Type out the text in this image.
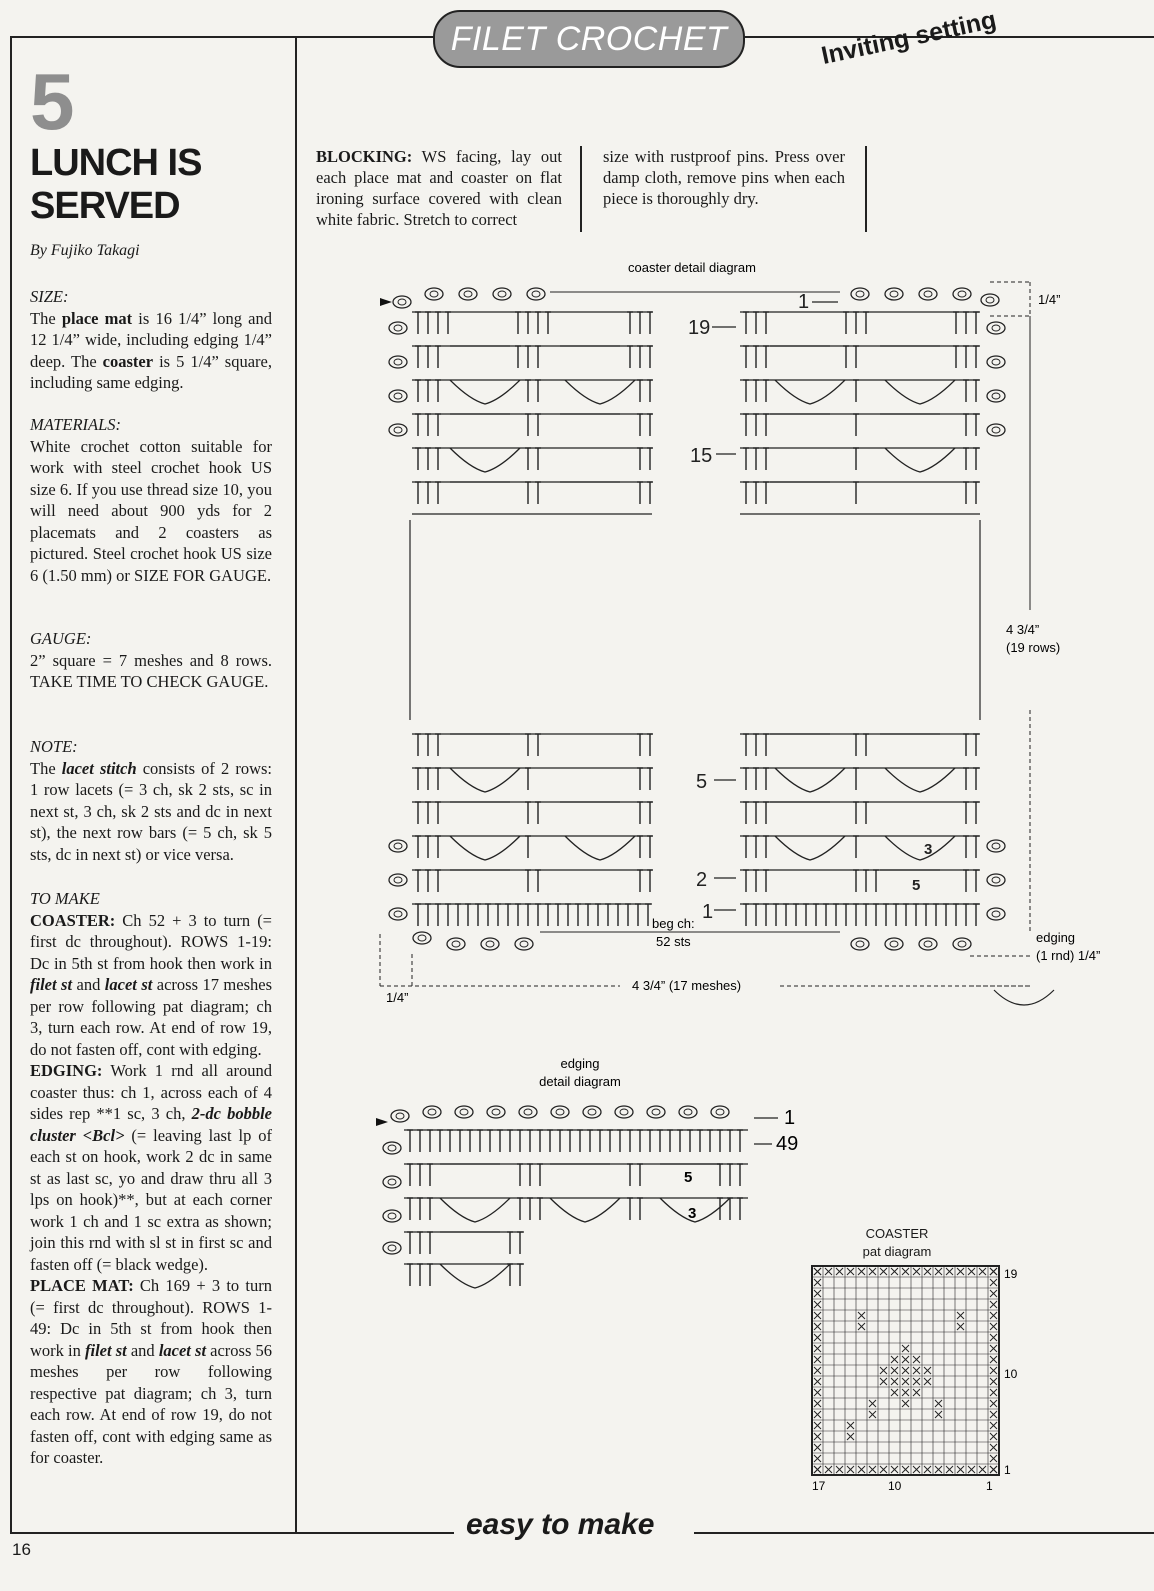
FILET CROCHET	Inviting setting
5
LUNCH IS
SERVED
By Fujiko Takagi

SIZE:

The place mat is 16 1/4” long and 12 1/4” wide, including edging 1/4” deep. The coaster is 5 1/4” square, including same edging.

MATERIALS:

White crochet cotton suitable for work with steel crochet hook US size 6. If you use thread size 10, you will need about 900 yds for 2 placemats and 2 coasters as pictured. Steel crochet hook US size 6 (1.50 mm) or SIZE FOR GAUGE.

GAUGE:

2” square = 7 meshes and 8 rows. TAKE TIME TO CHECK GAUGE.

NOTE:

The lacet stitch consists of 2 rows: 1 row lacets (= 3 ch, sk 2 sts, sc in next st, 3 ch, sk 2 sts and dc in next st), the next row bars (= 5 ch, sk 5 sts, dc in next st) or vice versa.

TO MAKE

COASTER: Ch 52 + 3 to turn (= first dc throughout). ROWS 1-19: Dc in 5th st from hook then work in filet st and lacet st across 17 meshes per row following pat diagram; ch 3, turn each row. At end of row 19, do not fasten off, cont with edging.

EDGING: Work 1 rnd all around coaster thus: ch 1, across each of 4 sides rep **1 sc, 3 ch, 2-dc bobble cluster <Bcl> (= leaving last lp of each st on hook, work 2 dc in same st as last sc, yo and draw thru all 3 lps on hook)**, but at each corner work 1 ch and 1 sc extra as shown; join this rnd with sl st in first sc and fasten off (= black wedge).

PLACE MAT: Ch 169 + 3 to turn (= first dc throughout). ROWS 1-49: Dc in 5th st from hook then work in filet st and lacet st across 56 meshes per row following respective pat diagram; ch 3, turn each row. At end of row 19, do not fasten off, cont with edging same as for coaster.

BLOCKING: WS facing, lay out each place mat and coaster on flat ironing surface covered with clean white fabric. Stretch to correct
size with rustproof pins. Press over damp cloth, remove pins when each piece is thoroughly dry.
coaster detail diagram
1
19
15
5
2
1
3
5
beg ch:
52 sts
1/4”
4 3/4”
(19 rows)
edging
(1 rnd) 1/4”
1/4”
4 3/4” (17 meshes)
edging
detail diagram
1
49
5
3
COASTER
pat diagram
19
10
1
17	10	1
easy to make
16
